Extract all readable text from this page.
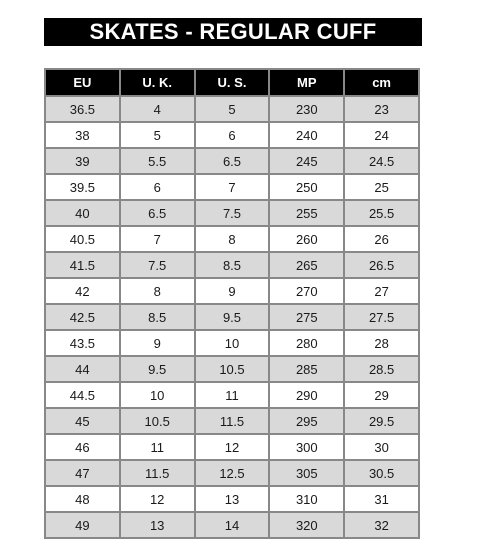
SKATES - REGULAR CUFF
EU	U. K.	U. S.	MP	cm
36.5	4	5	230	23
38	5	6	240	24
39	5.5	6.5	245	24.5
39.5	6	7	250	25
40	6.5	7.5	255	25.5
40.5	7	8	260	26
41.5	7.5	8.5	265	26.5
42	8	9	270	27
42.5	8.5	9.5	275	27.5
43.5	9	10	280	28
44	9.5	10.5	285	28.5
44.5	10	11	290	29
45	10.5	11.5	295	29.5
46	11	12	300	30
47	11.5	12.5	305	30.5
48	12	13	310	31
49	13	14	320	32
